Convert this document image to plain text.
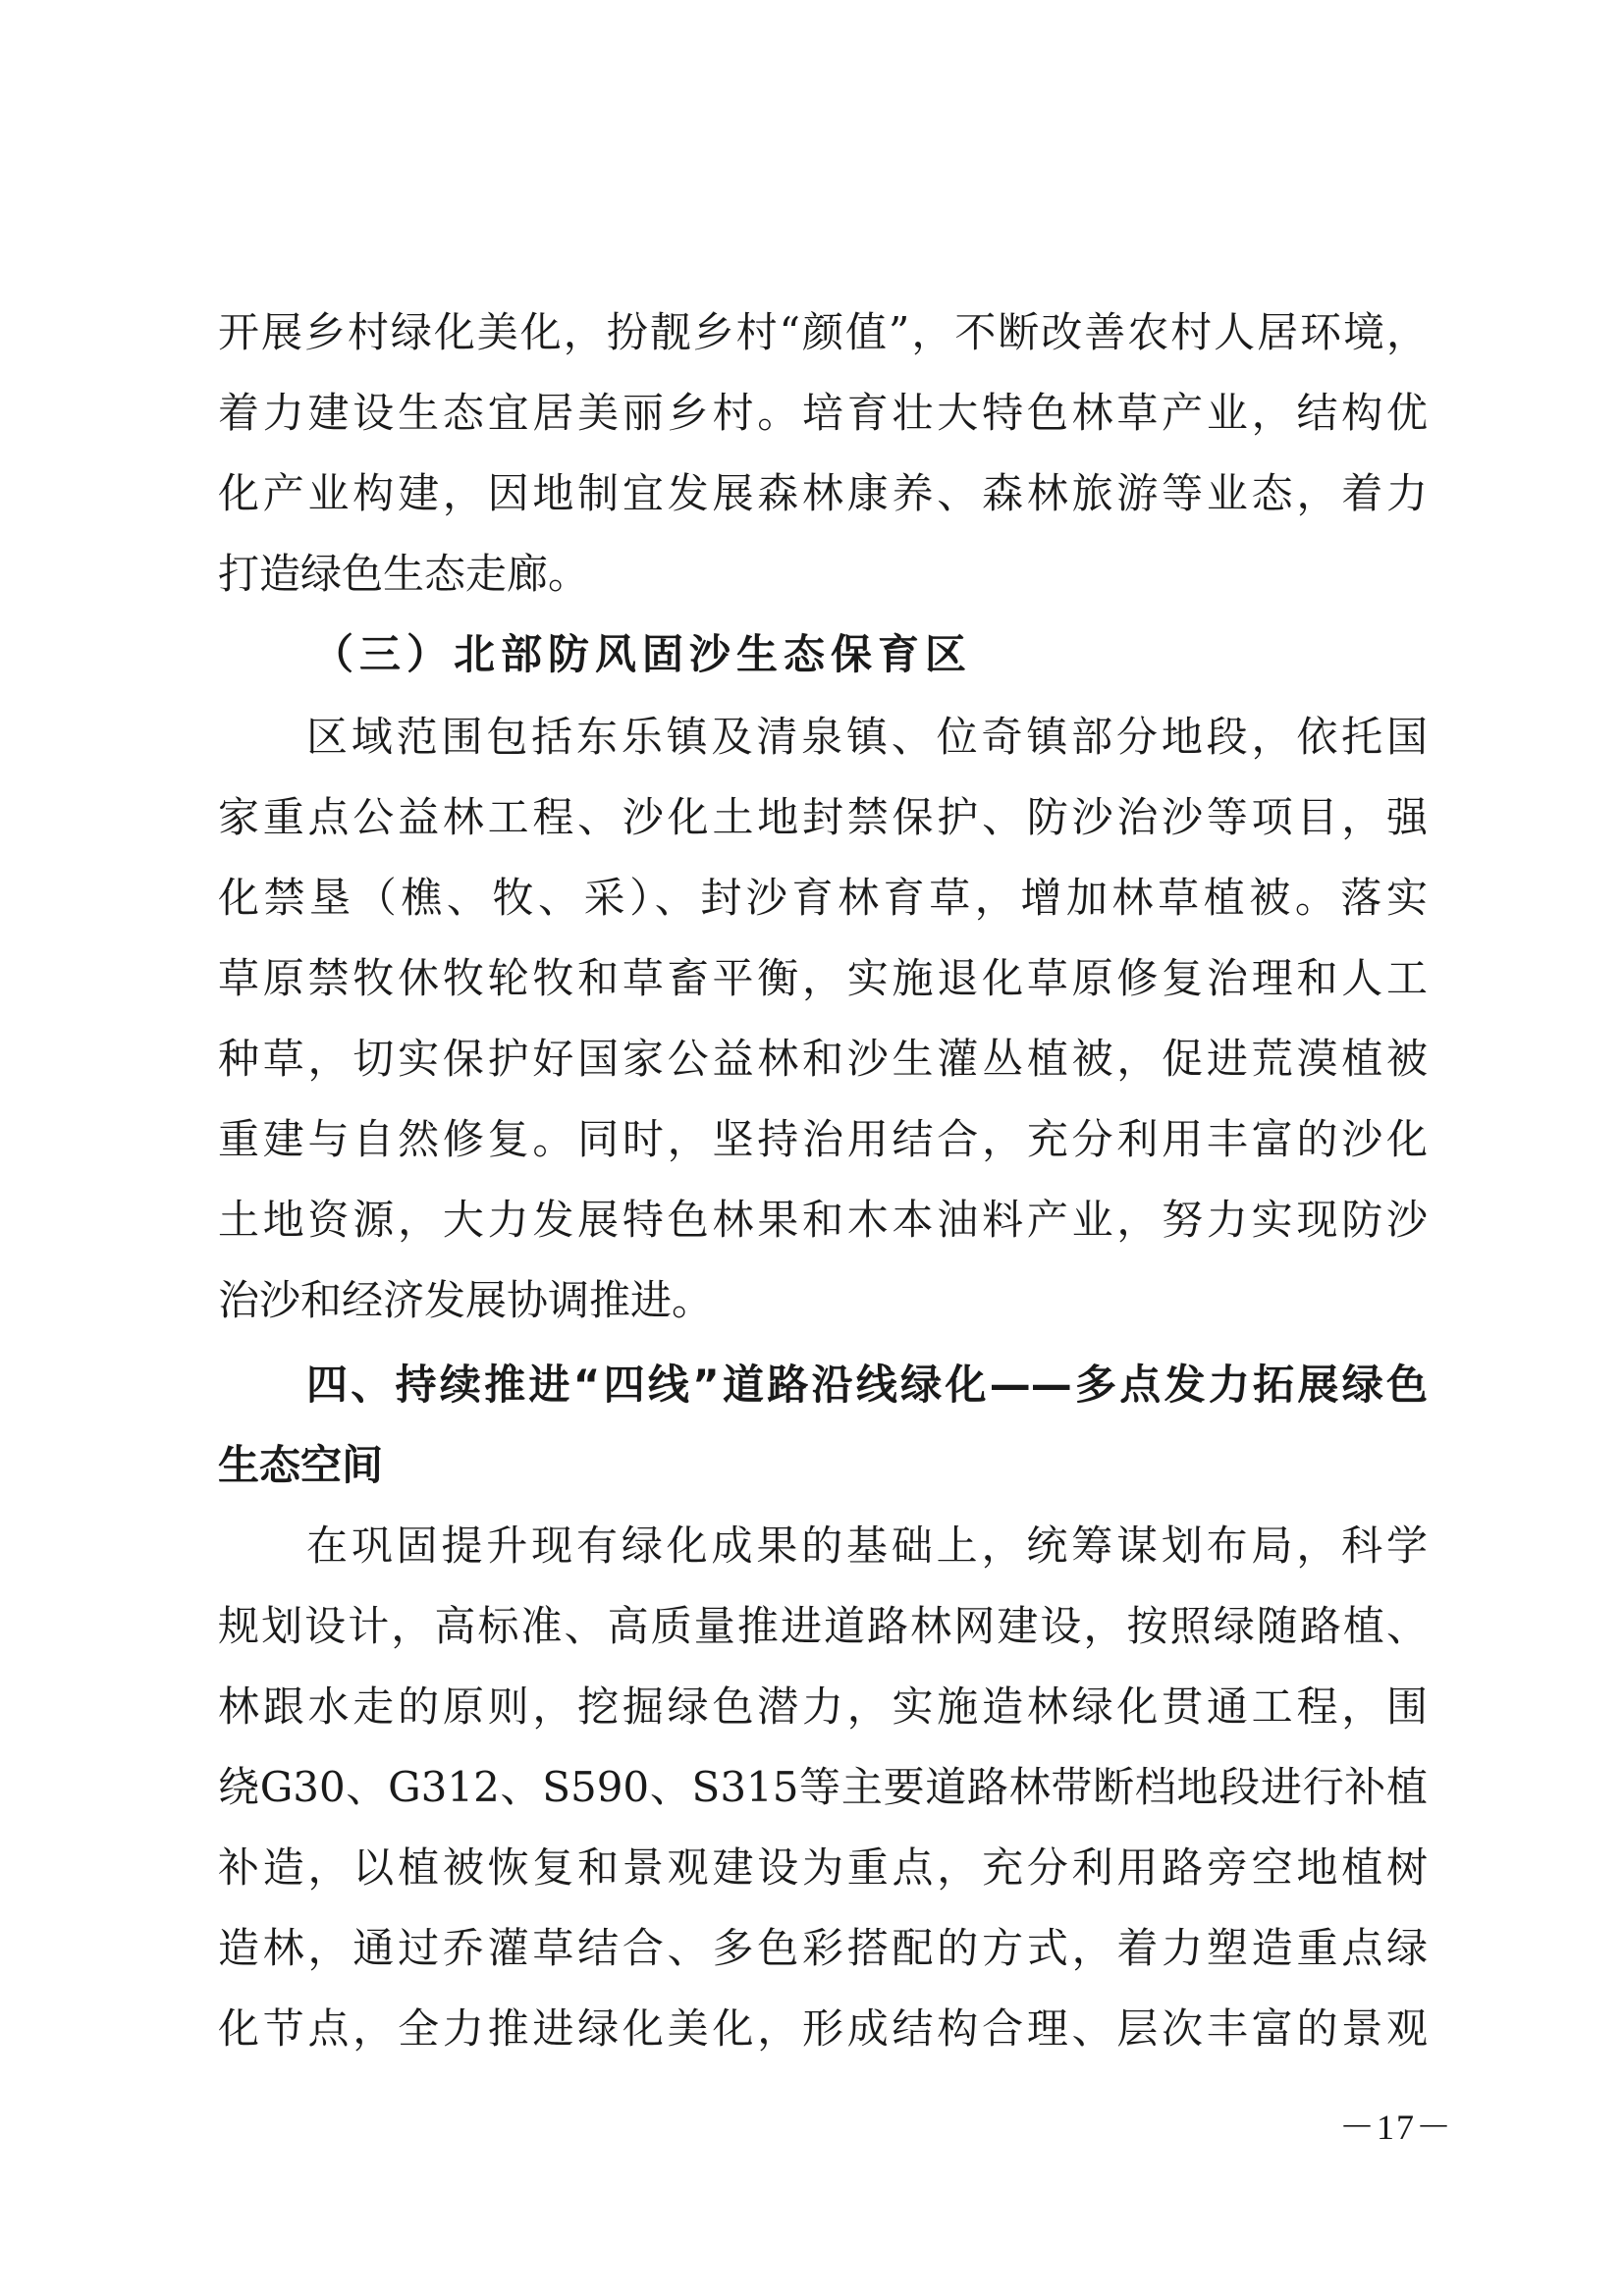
开展乡村绿化美化，扮靓乡村“颜值”，不断改善农村人居环境，
着力建设生态宜居美丽乡村。培育壮大特色林草产业，结构优
化产业构建，因地制宜发展森林康养、森林旅游等业态，着力
打造绿色生态走廊。
（三）北部防风固沙生态保育区
区域范围包括东乐镇及清泉镇、位奇镇部分地段，依托国
家重点公益林工程、沙化土地封禁保护、防沙治沙等项目，强
化禁垦（樵、牧、采）、封沙育林育草，增加林草植被。落实
草原禁牧休牧轮牧和草畜平衡，实施退化草原修复治理和人工
种草，切实保护好国家公益林和沙生灌丛植被，促进荒漠植被
重建与自然修复。同时，坚持治用结合，充分利用丰富的沙化
土地资源，大力发展特色林果和木本油料产业，努力实现防沙
治沙和经济发展协调推进。
四、持续推进“四线”道路沿线绿化——多点发力拓展绿色
生态空间
在巩固提升现有绿化成果的基础上，统筹谋划布局，科学
规划设计，高标准、高质量推进道路林网建设，按照绿随路植、
林跟水走的原则，挖掘绿色潜力，实施造林绿化贯通工程，围
绕G30、G312、S590、S315等主要道路林带断档地段进行补植
补造，以植被恢复和景观建设为重点，充分利用路旁空地植树
造林，通过乔灌草结合、多色彩搭配的方式，着力塑造重点绿
化节点，全力推进绿化美化，形成结构合理、层次丰富的景观
－17－
